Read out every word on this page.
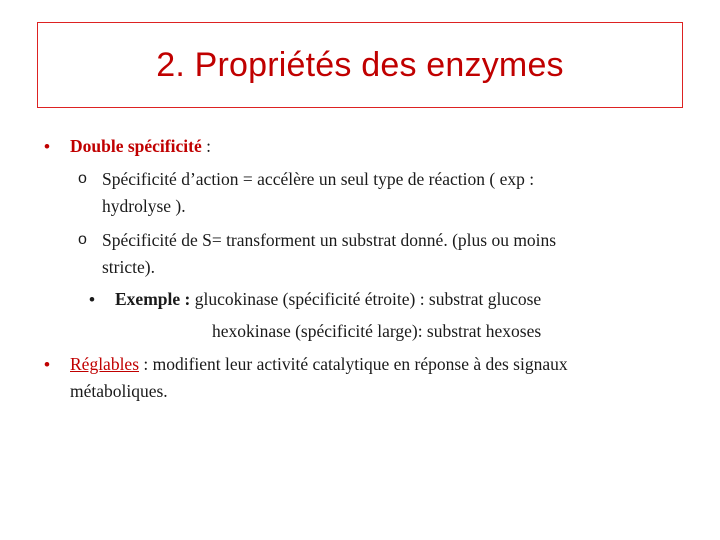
2. Propriétés des enzymes
• Double spécificité :
o Spécificité d’action = accélère un seul type de réaction ( exp :
hydrolyse ).
o Spécificité de S= transforment un substrat donné. (plus ou moins
stricte).
• Exemple : glucokinase (spécificité étroite) : substrat glucose
hexokinase (spécificité large): substrat hexoses
• Réglables : modifient leur activité catalytique en réponse à des signaux
métaboliques.
